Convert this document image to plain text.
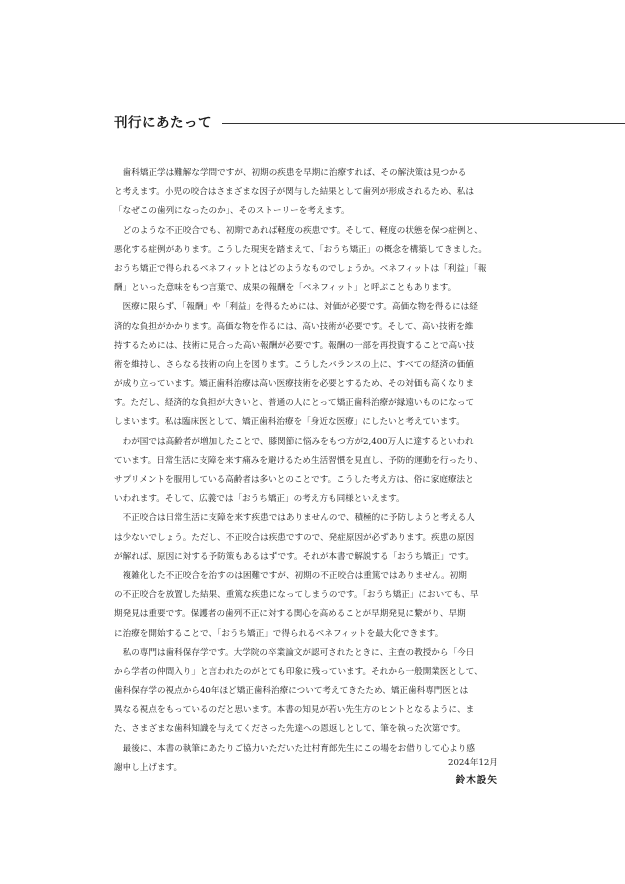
刊行にあたって
　歯科矯正学は難解な学問ですが、初期の疾患を早期に治療すれば、その解決策は見つかる
と考えます。小児の咬合はさまざまな因子が関与した結果として歯列が形成されるため、私は
「なぜこの歯列になったのか」、そのストーリーを考えます。
　どのような不正咬合でも、初期であれば軽度の疾患です。そして、軽度の状態を保つ症例と、
悪化する症例があります。こうした現実を踏まえて、「おうち矯正」の概念を構築してきました。
おうち矯正で得られるベネフィットとはどのようなものでしょうか。ベネフィットは「利益」「報
酬」といった意味をもつ言葉で、成果の報酬を「ベネフィット」と呼ぶこともあります。
　医療に限らず、「報酬」や「利益」を得るためには、対価が必要です。高価な物を得るには経
済的な負担がかかります。高価な物を作るには、高い技術が必要です。そして、高い技術を維
持するためには、技術に見合った高い報酬が必要です。報酬の一部を再投資することで高い技
術を維持し、さらなる技術の向上を図ります。こうしたバランスの上に、すべての経済の価値
が成り立っています。矯正歯科治療は高い医療技術を必要とするため、その対価も高くなりま
す。ただし、経済的な負担が大きいと、普通の人にとって矯正歯科治療が縁遠いものになって
しまいます。私は臨床医として、矯正歯科治療を「身近な医療」にしたいと考えています。
　わが国では高齢者が増加したことで、膝関節に悩みをもつ方が2,400万人に達するといわれ
ています。日常生活に支障を来す痛みを避けるため生活習慣を見直し、予防的運動を行ったり、
サプリメントを服用している高齢者は多いとのことです。こうした考え方は、俗に家庭療法と
いわれます。そして、広義では「おうち矯正」の考え方も同様といえます。
　不正咬合は日常生活に支障を来す疾患ではありませんので、積極的に予防しようと考える人
は少ないでしょう。ただし、不正咬合は疾患ですので、発症原因が必ずあります。疾患の原因
が解れば、原因に対する予防策もあるはずです。それが本書で解説する「おうち矯正」です。
　複雑化した不正咬合を治すのは困難ですが、初期の不正咬合は重篤ではありません。初期
の不正咬合を放置した結果、重篤な疾患になってしまうのです。「おうち矯正」においても、早
期発見は重要です。保護者の歯列不正に対する関心を高めることが早期発見に繋がり、早期
に治療を開始することで、「おうち矯正」で得られるベネフィットを最大化できます。
　私の専門は歯科保存学です。大学院の卒業論文が認可されたときに、主査の教授から「今日
から学者の仲間入り」と言われたのがとても印象に残っています。それから一般開業医として、
歯科保存学の視点から40年ほど矯正歯科治療について考えてきたため、矯正歯科専門医とは
異なる視点をもっているのだと思います。本書の知見が若い先生方のヒントとなるように、ま
た、さまざまな歯科知識を与えてくださった先達への恩返しとして、筆を執った次第です。
　最後に、本書の執筆にあたりご協力いただいた辻村育郎先生にこの場をお借りして心より感
謝申し上げます。	2024年12月
鈴木設矢
